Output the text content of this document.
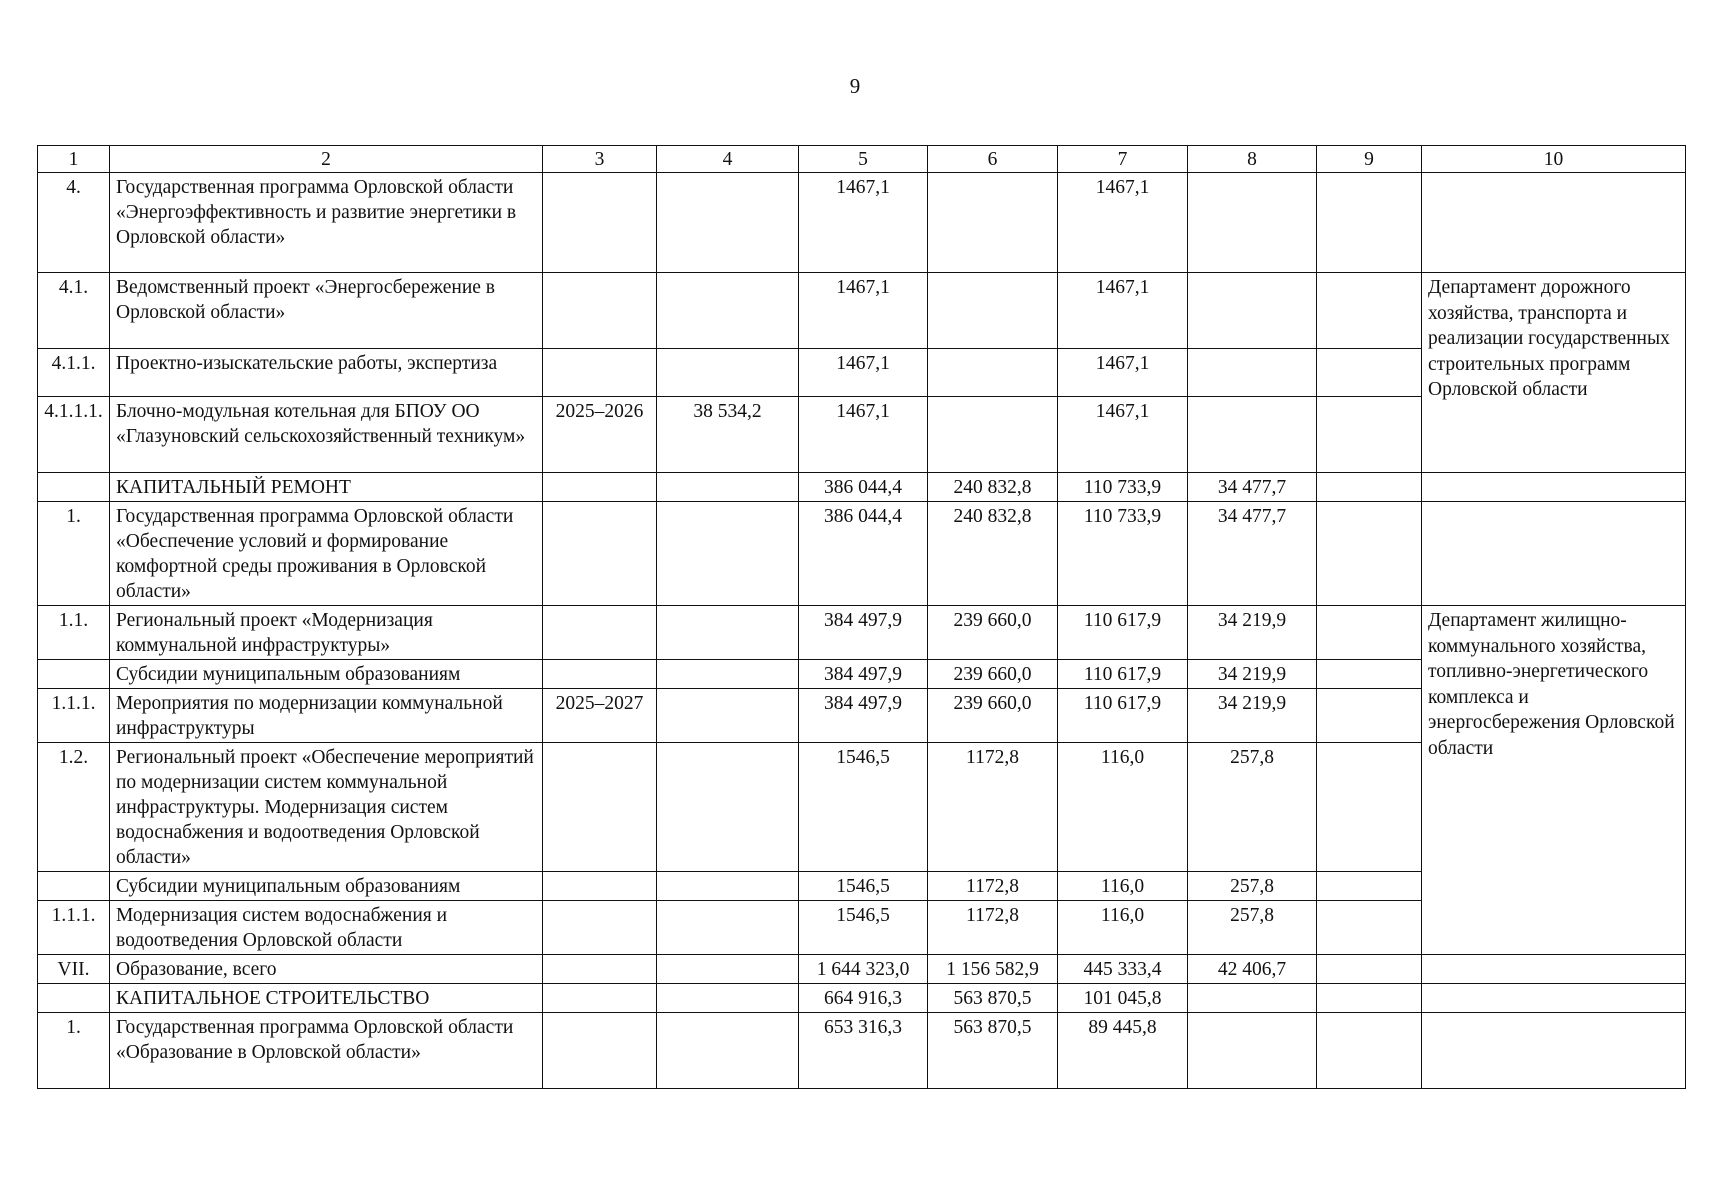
9
1	2	3	4	5	6	7	8	9	10
4.	Государственная программа Орловской области «Энергоэффективность и развитие энергетики в Орловской области»			1467,1		1467,1			
4.1.	Ведомственный проект «Энергосбережение в Орловской области»			1467,1		1467,1			Департамент дорожного хозяйства, транспорта и реализации государственных строительных программ Орловской области
4.1.1.	Проектно-изыскательские работы, экспертиза			1467,1		1467,1			
4.1.1.1.	Блочно-модульная котельная для БПОУ ОО «Глазуновский сельскохозяйственный техникум»	2025–2026	38 534,2	1467,1		1467,1			
	КАПИТАЛЬНЫЙ РЕМОНТ			386 044,4	240 832,8	110 733,9	34 477,7		
1.	Государственная программа Орловской области «Обеспечение условий и формирование комфортной среды проживания в Орловской области»			386 044,4	240 832,8	110 733,9	34 477,7		
1.1.	Региональный проект «Модернизация коммунальной инфраструктуры»			384 497,9	239 660,0	110 617,9	34 219,9		Департамент жилищно-коммунального хозяйства, топливно-энергетического комплекса и энергосбережения Орловской области
	Субсидии муниципальным образованиям			384 497,9	239 660,0	110 617,9	34 219,9		
1.1.1.	Мероприятия по модернизации коммунальной инфраструктуры	2025–2027		384 497,9	239 660,0	110 617,9	34 219,9		
1.2.	Региональный проект «Обеспечение мероприятий по модернизации систем коммунальной инфраструктуры. Модернизация систем водоснабжения и водоотведения Орловской области»			1546,5	1172,8	116,0	257,8		
	Субсидии муниципальным образованиям			1546,5	1172,8	116,0	257,8		
1.1.1.	Модернизация систем водоснабжения и водоотведения Орловской области			1546,5	1172,8	116,0	257,8		
VII.	Образование, всего			1 644 323,0	1 156 582,9	445 333,4	42 406,7		
	КАПИТАЛЬНОЕ СТРОИТЕЛЬСТВО			664 916,3	563 870,5	101 045,8			
1.	Государственная программа Орловской области «Образование в Орловской области»			653 316,3	563 870,5	89 445,8			
